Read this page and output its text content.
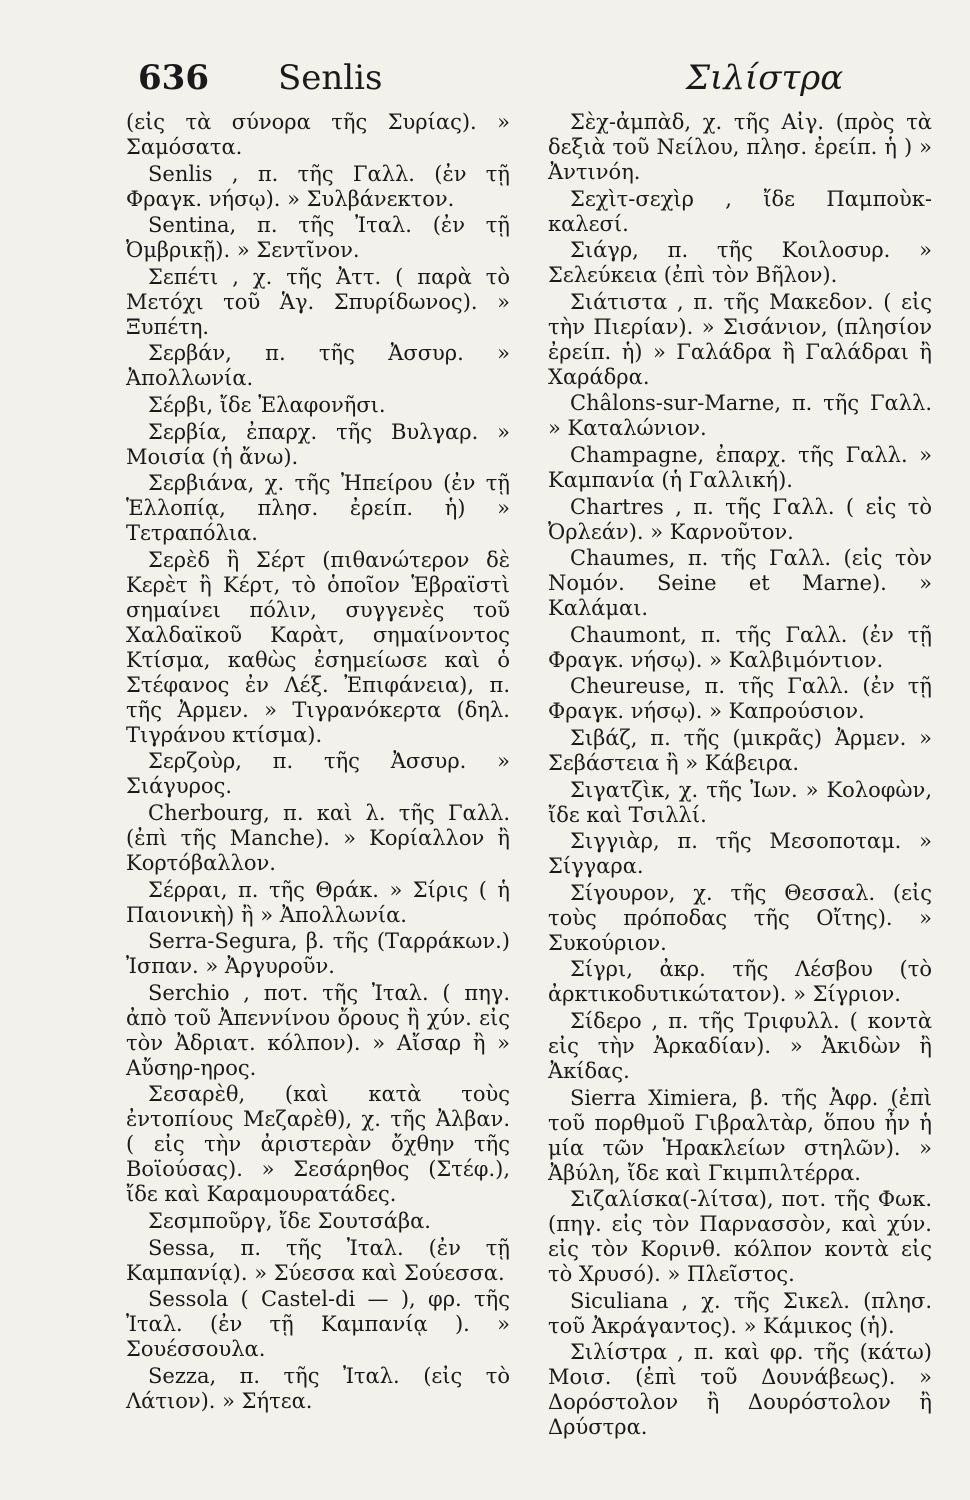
636 Senlis	Σιλίστρα

(εἰς τὰ σύνορα τῆς Συρίας). » Σαμόσατα.

Senlis , π. τῆς Γαλλ. (ἐν τῇ Φραγκ. νήσῳ). » Συλβάνεκτον.

Sentina, π. τῆς Ἰταλ. (ἐν τῇ Ὀμβρικῇ). » Σεντῖνον.

Σεπέτι , χ. τῆς Ἀττ. ( παρὰ τὸ Μετόχι τοῦ Ἁγ. Σπυρίδωνος). » Ξυπέτη.

Σερβάν, π. τῆς Ἀσσυρ. » Ἀπολλωνία.

Σέρβι, ἴδε Ἐλαφονῆσι.

Σερβία, ἐπαρχ. τῆς Βυλγαρ. » Μοισία (ἡ ἄνω).

Σερβιάνα, χ. τῆς Ἠπείρου (ἐν τῇ Ἑλλοπίᾳ, πλησ. ἐρείπ. ἡ) » Τετραπόλια.

Σερὲδ ἢ Σέρτ (πιθανώτερον δὲ Κερὲτ ἢ Κέρτ, τὸ ὁποῖον Ἑβραϊστὶ σημαίνει πόλιν, συγγενὲς τοῦ Χαλδαϊκοῦ Καρὰτ, σημαίνοντος Κτίσμα, καθὼς ἐσημείωσε καὶ ὁ Στέφανος ἐν Λέξ. Ἐπιφάνεια), π. τῆς Ἀρμεν. » Τιγρανόκερτα (δηλ. Τιγράνου κτίσμα).

Σερζοὺρ, π. τῆς Ἀσσυρ. » Σιάγυρος.

Cherbourg, π. καὶ λ. τῆς Γαλλ. (ἐπὶ τῆς Manche). » Κορίαλλον ἢ Κορτόβαλλον.

Σέρραι, π. τῆς Θράκ. » Σίρις ( ἡ Παιονικὴ) ἢ » Ἀπολλωνία.

Serra-Segura, β. τῆς (Ταρράκων.) Ἰσπαν. » Ἀργυροῦν.

Serchio , ποτ. τῆς Ἰταλ. ( πηγ. ἀπὸ τοῦ Ἀπεννίνου ὄρους ἢ χύν. εἰς τὸν Ἀδριατ. κόλπον). » Αἴσαρ ἢ » Αὔσηρ-ηρος.

Σεσαρὲθ, (καὶ κατὰ τοὺς ἐντοπίους Μεζαρὲθ), χ. τῆς Ἀλβαν. ( εἰς τὴν ἀριστερὰν ὄχθην τῆς Βοϊούσας). » Σεσάρηθος (Στέφ.), ἴδε καὶ Καραμουρατάδες.

Σεσμποῦργ, ἴδε Σουτσάβα.

Sessa, π. τῆς Ἰταλ. (ἐν τῇ Καμπανίᾳ). » Σύεσσα καὶ Σούεσσα.

Sessola ( Castel-di — ), φρ. τῆς Ἰταλ. (ἐν τῇ Καμπανίᾳ ). » Σουέσσουλα.

Sezza, π. τῆς Ἰταλ. (εἰς τὸ Λάτιον). » Σήτεα.

Σὲχ-ἀμπὰδ, χ. τῆς Αἰγ. (πρὸς τὰ δεξιὰ τοῦ Νείλου, πλησ. ἐρείπ. ἡ ) » Ἀντινόη.

Σεχὶτ-σεχὶρ , ἴδε Παμποὺκ-καλεσί.

Σιάγρ, π. τῆς Κοιλοσυρ. » Σελεύκεια (ἐπὶ τὸν Βῆλον).

Σιάτιστα , π. τῆς Μακεδον. ( εἰς τὴν Πιερίαν). » Σισάνιον, (πλησίον ἐρείπ. ἡ) » Γαλάδρα ἢ Γαλάδραι ἢ Χαράδρα.

Châlons-sur-Marne, π. τῆς Γαλλ. » Καταλώνιον.

Champagne, ἐπαρχ. τῆς Γαλλ. » Καμπανία (ἡ Γαλλική).

Chartres , π. τῆς Γαλλ. ( εἰς τὸ Ὀρλεάν). » Καρνοῦτον.

Chaumes, π. τῆς Γαλλ. (εἰς τὸν Νομόν. Seine et Marne). » Καλάμαι.

Chaumont, π. τῆς Γαλλ. (ἐν τῇ Φραγκ. νήσῳ). » Καλβιμόντιον.

Cheureuse, π. τῆς Γαλλ. (ἐν τῇ Φραγκ. νήσῳ). » Καπρούσιον.

Σιβάζ, π. τῆς (μικρᾶς) Ἀρμεν. » Σεβάστεια ἢ » Κάβειρα.

Σιγατζὶκ, χ. τῆς Ἰων. » Κολοφὼν, ἴδε καὶ Τσιλλί.

Σιγγιὰρ, π. τῆς Μεσοποταμ. » Σίγγαρα.

Σίγουρον, χ. τῆς Θεσσαλ. (εἰς τοὺς πρόποδας τῆς Οἴτης). » Συκούριον.

Σίγρι, ἀκρ. τῆς Λέσβου (τὸ ἀρκτικοδυτικώτατον). » Σίγριον.

Σίδερο , π. τῆς Τριφυλλ. ( κοντὰ εἰς τὴν Ἀρκαδίαν). » Ἀκιδὼν ἢ Ἀκίδας.

Sierra Ximiera, β. τῆς Ἀφρ. (ἐπὶ τοῦ πορθμοῦ Γιβραλτὰρ, ὅπου ἦν ἡ μία τῶν Ἡρακλείων στηλῶν). » Ἀβύλη, ἴδε καὶ Γκιμπιλτέρρα.

Σιζαλίσκα(-λίτσα), ποτ. τῆς Φωκ. (πηγ. εἰς τὸν Παρνασσὸν, καὶ χύν. εἰς τὸν Κορινθ. κόλπον κοντὰ εἰς τὸ Χρυσό). » Πλεῖστος.

Siculiana , χ. τῆς Σικελ. (πλησ. τοῦ Ἀκράγαντος). » Κάμικος (ἡ).

Σιλίστρα , π. καὶ φρ. τῆς (κάτω) Μοισ. (ἐπὶ τοῦ Δουνάβεως). » Δορόστολον ἢ Δουρόστολον ἢ Δρύστρα.
